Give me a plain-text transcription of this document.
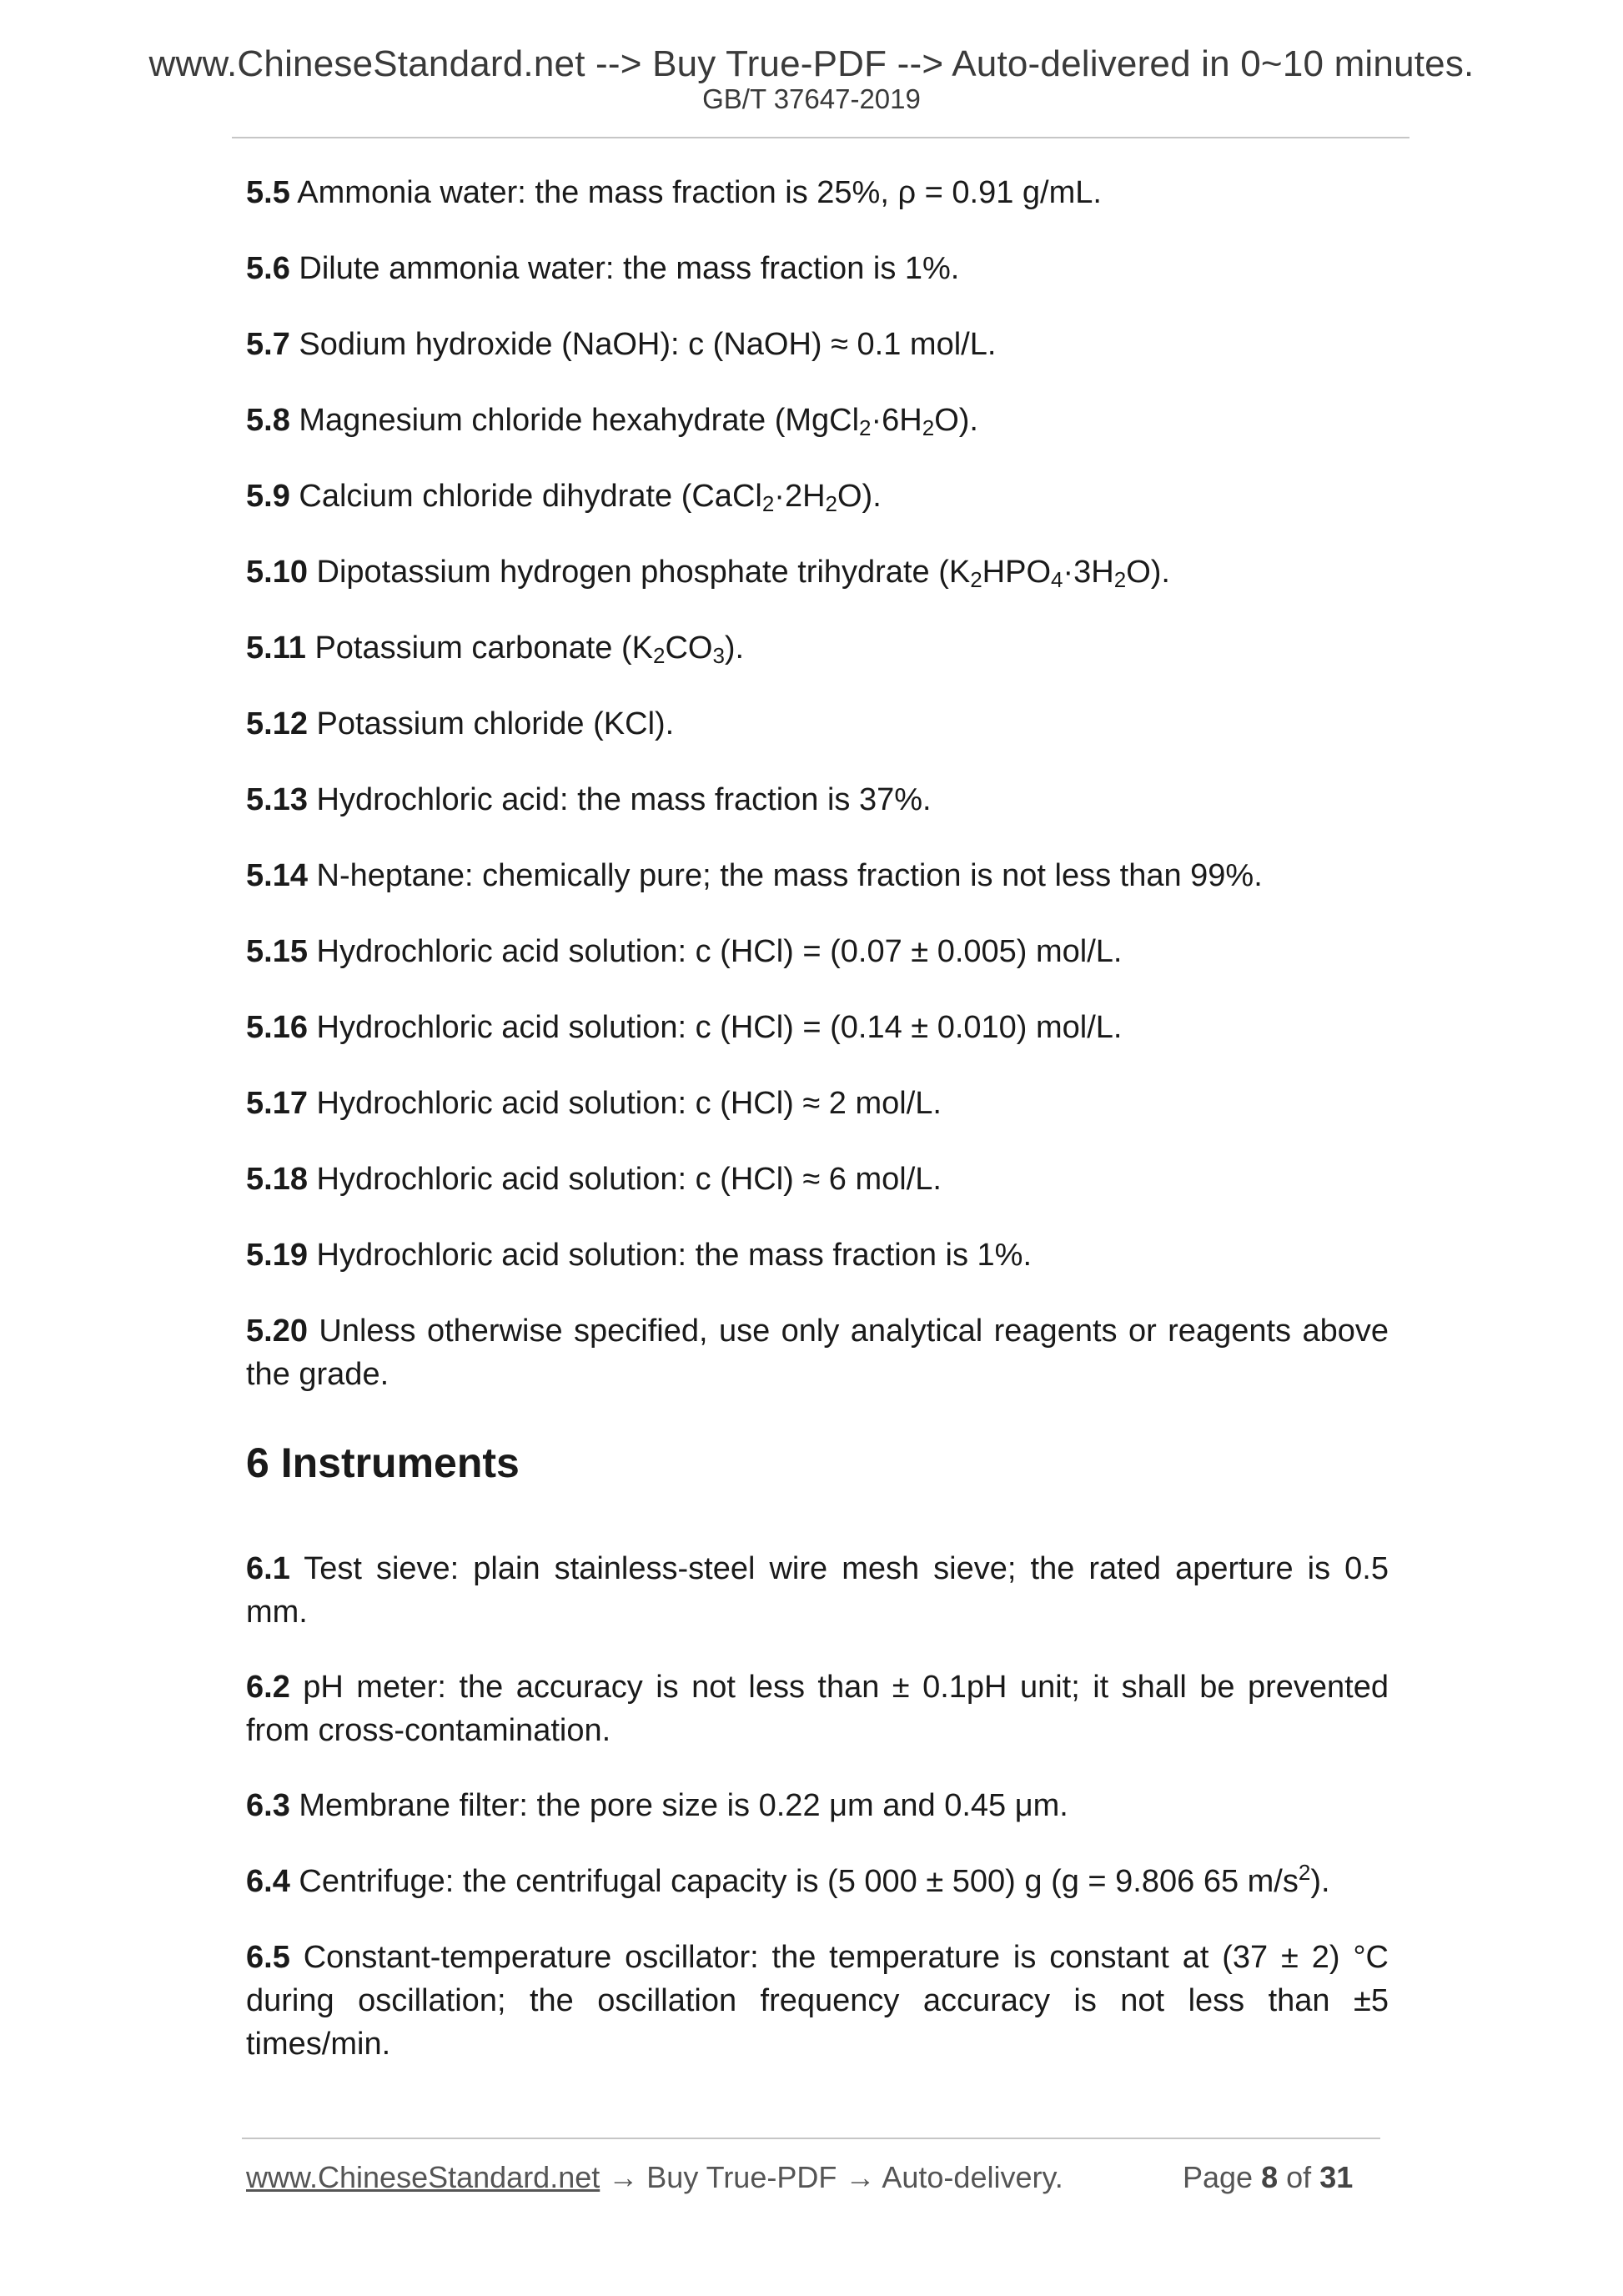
www.ChineseStandard.net --> Buy True-PDF --> Auto-delivered in 0~10 minutes.
GB/T 37647-2019

5.5 Ammonia water: the mass fraction is 25%, ρ = 0.91 g/mL.

5.6 Dilute ammonia water: the mass fraction is 1%.

5.7 Sodium hydroxide (NaOH): c (NaOH) ≈ 0.1 mol/L.

5.8 Magnesium chloride hexahydrate $(MgCl_2\cdot 6H_2O)$.

5.9 Calcium chloride dihydrate $(CaCl_2\cdot 2H_2O)$.

5.10 Dipotassium hydrogen phosphate trihydrate $(K_2HPO_4\cdot 3H_2O)$.

5.11 Potassium carbonate $(K_2CO_3)$.

5.12 Potassium chloride (KCl).

5.13 Hydrochloric acid: the mass fraction is 37%.

5.14 N-heptane: chemically pure; the mass fraction is not less than 99%.

5.15 Hydrochloric acid solution: c (HCl) = (0.07 ± 0.005) mol/L.

5.16 Hydrochloric acid solution: c (HCl) = (0.14 ± 0.010) mol/L.

5.17 Hydrochloric acid solution: c (HCl) ≈ 2 mol/L.

5.18 Hydrochloric acid solution: c (HCl) ≈ 6 mol/L.

5.19 Hydrochloric acid solution: the mass fraction is 1%.

5.20 Unless otherwise specified, use only analytical reagents or reagents above the grade.

6 Instruments

6.1 Test sieve: plain stainless-steel wire mesh sieve; the rated aperture is 0.5 mm.

6.2 pH meter: the accuracy is not less than ± 0.1pH unit; it shall be prevented from cross-contamination.

6.3 Membrane filter: the pore size is 0.22 μm and 0.45 μm.

6.4 Centrifuge: the centrifugal capacity is (5 000 ± 500) g (g = 9.806 65 $m/s^2$).

6.5 Constant-temperature oscillator: the temperature is constant at (37 ± 2) °C during oscillation; the oscillation frequency accuracy is not less than ±5 times/min.

www.ChineseStandard.net → Buy True-PDF → Auto-delivery.	Page 8 of 31
